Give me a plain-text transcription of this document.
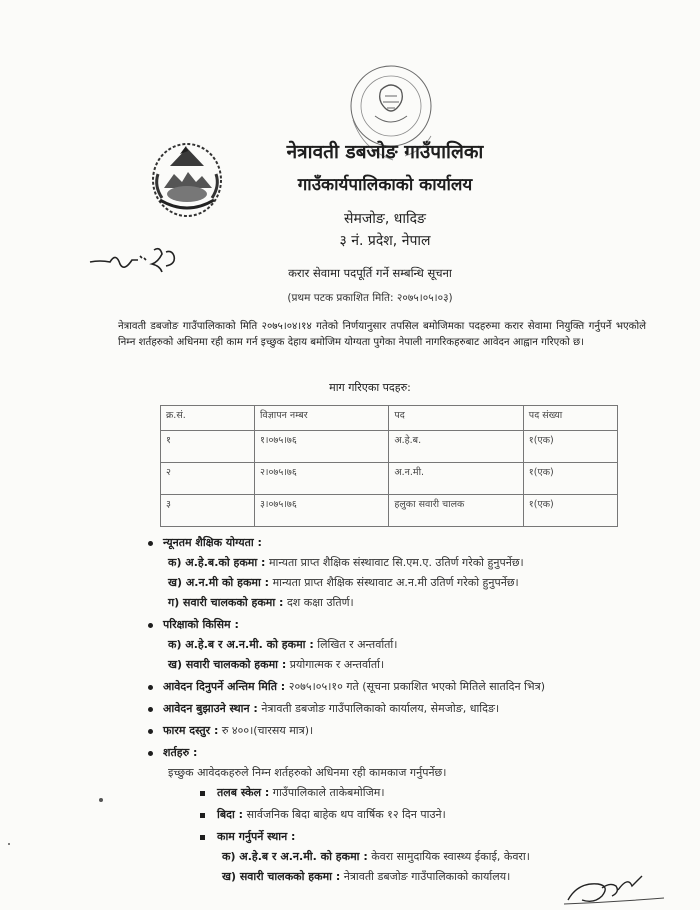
नेत्रावती डबजोङ गाउँपालिका
गाउँकार्यपालिकाको कार्यालय
सेमजोङ, धादिङ
३ नं. प्रदेश, नेपाल
करार सेवामा पदपूर्ति गर्ने सम्बन्धि सूचना
(प्रथम पटक प्रकाशित मिति: २०७५।०५।०३)
नेत्रावती डबजोङ गाउँपालिकाको मिति २०७५।०४।१४ गतेको निर्णयानुसार तपसिल बमोजिमका पदहरुमा करार सेवामा नियुक्ति गर्नुपर्ने भएकोले निम्न शर्तहरुको अधिनमा रही काम गर्न इच्छुक देहाय बमोजिम योग्यता पुगेका नेपाली नागरिकहरुबाट आवेदन आह्वान गरिएको छ।
माग गरिएका पदहरु:
क्र.सं.	विज्ञापन नम्बर	पद	पद संख्या
१	१।०७५।७६	अ.हे.ब.	१(एक)
२	२।०७५।७६	अ.न.मी.	१(एक)
३	३।०७५।७६	हलुका सवारी चालक	१(एक)
न्यूनतम शैक्षिक योग्यता :
क) अ.हे.ब.को हकमा : मान्यता प्राप्त शैक्षिक संस्थावाट सि.एम.ए. उतिर्ण गरेको हुनुपर्नेछ।
ख) अ.न.मी को हकमा : मान्यता प्राप्त शैक्षिक संस्थावाट अ.न.मी उतिर्ण गरेको हुनुपर्नेछ।
ग) सवारी चालकको हकमा : दश कक्षा उतिर्ण।
परिक्षाको किसिम :
क) अ.हे.ब र अ.न.मी. को हकमा : लिखित र अन्तर्वार्ता।
ख) सवारी चालकको हकमा : प्रयोगात्मक र अन्तर्वार्ता।
आवेदन दिनुपर्ने अन्तिम मिति : २०७५।०५।१० गते (सूचना प्रकाशित भएको मितिले सातदिन भित्र)
आवेदन बुझाउने स्थान : नेत्रावती डबजोङ गाउँपालिकाको कार्यालय, सेमजोङ, धादिङ।
फारम दस्तुर : रु ४००।(चारसय मात्र)।
शर्तहरु :
इच्छुक आवेदकहरुले निम्न शर्तहरुको अधिनमा रही कामकाज गर्नुपर्नेछ।
तलब स्केल : गाउँपालिकाले ताकेबमोजिम।
बिदा : सार्वजनिक बिदा बाहेक थप वार्षिक १२ दिन पाउने।
काम गर्नुपर्ने स्थान :
क) अ.हे.ब र अ.न.मी. को हकमा : केवरा सामुदायिक स्वास्थ्य ईकाई, केवरा।
ख) सवारी चालकको हकमा : नेत्रावती डबजोङ गाउँपालिकाको कार्यालय।
